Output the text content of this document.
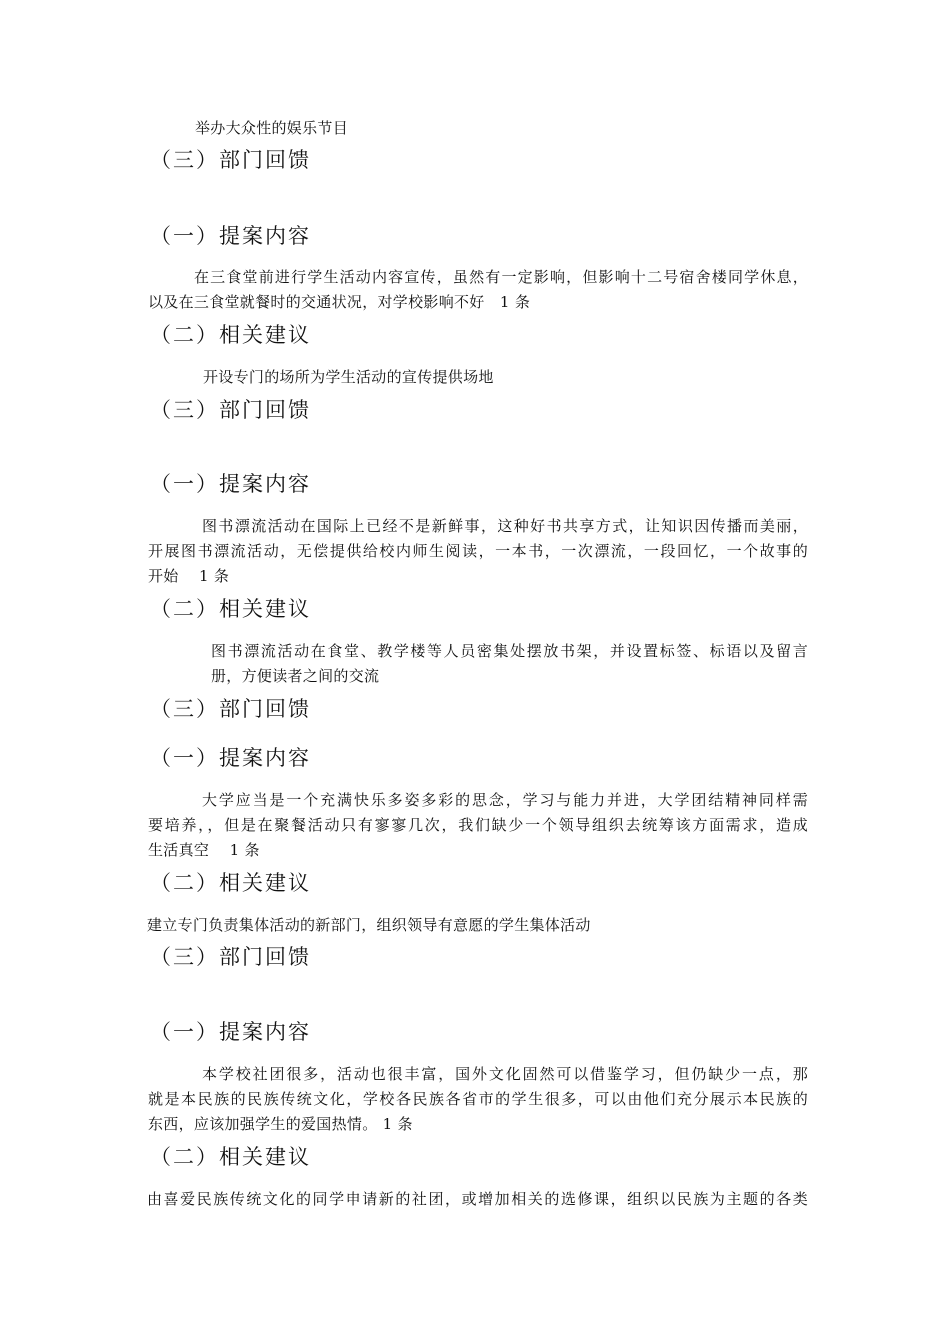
举办大众性的娱乐节目
（三）部门回馈
（一）提案内容
在三食堂前进行学生活动内容宣传，虽然有一定影响，但影响十二号宿舍楼同学休息，
以及在三食堂就餐时的交通状况，对学校影响不好　1 条
（二）相关建议
开设专门的场所为学生活动的宣传提供场地
（三）部门回馈
（一）提案内容
图书漂流活动在国际上已经不是新鲜事，这种好书共享方式，让知识因传播而美丽，
开展图书漂流活动，无偿提供给校内师生阅读，一本书，一次漂流，一段回忆，一个故事的
开始　 1 条
（二）相关建议
图书漂流活动在食堂、教学楼等人员密集处摆放书架，并设置标签、标语以及留言
册，方便读者之间的交流
（三）部门回馈
（一）提案内容
大学应当是一个充满快乐多姿多彩的思念，学习与能力并进，大学团结精神同样需
要培养，，但是在聚餐活动只有寥寥几次，我们缺少一个领导组织去统筹该方面需求，造成
生活真空　 1 条
（二）相关建议
建立专门负责集体活动的新部门，组织领导有意愿的学生集体活动
（三）部门回馈
（一）提案内容
本学校社团很多，活动也很丰富，国外文化固然可以借鉴学习，但仍缺少一点，那
就是本民族的民族传统文化，学校各民族各省市的学生很多，可以由他们充分展示本民族的
东西，应该加强学生的爱国热情。 1 条
（二）相关建议
由喜爱民族传统文化的同学申请新的社团，或增加相关的选修课，组织以民族为主题的各类
